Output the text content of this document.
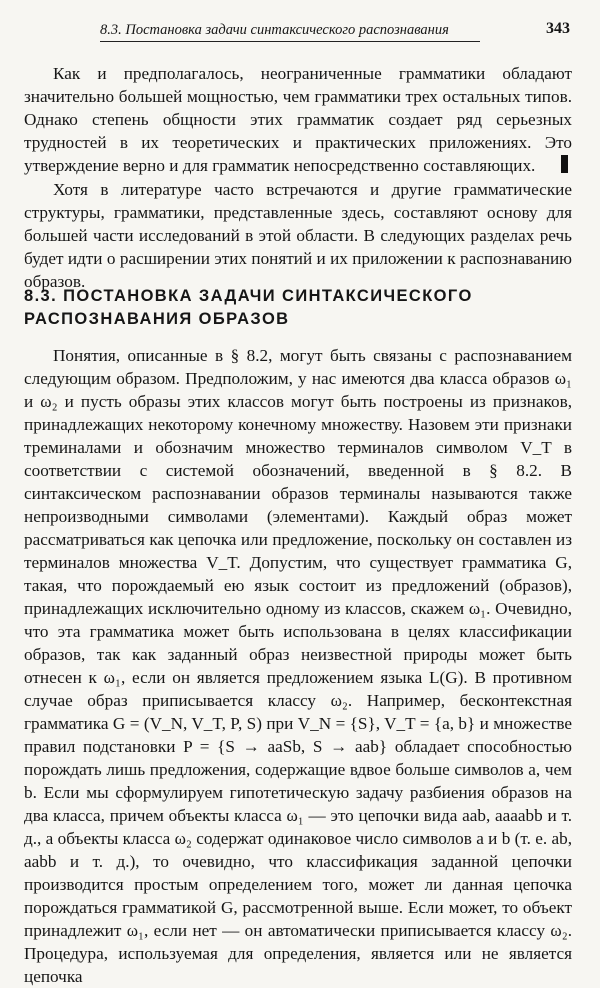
8.3. Постановка задачи синтаксического распознавания	343

Как и предполагалось, неограниченные грамматики обладают значительно большей мощностью, чем грамматики трех остальных типов. Однако степень общности этих грамматик создает ряд серьезных трудностей в их теоретических и практических приложениях. Это утверждение верно и для грамматик непосредственно составляющих.

Хотя в литературе часто встречаются и другие грамматические структуры, грамматики, представленные здесь, составляют основу для большей части исследований в этой области. В следующих разделах речь будет идти о расширении этих понятий и их приложении к распознаванию образов.

8.3. ПОСТАНОВКА ЗАДАЧИ СИНТАКСИЧЕСКОГО
РАСПОЗНАВАНИЯ ОБРАЗОВ

Понятия, описанные в § 8.2, могут быть связаны с распознаванием следующим образом. Предположим, у нас имеются два класса образов ω₁ и ω₂ и пусть образы этих классов могут быть построены из признаков, принадлежащих некоторому конечному множеству. Назовем эти признаки треминалами и обозначим множество терминалов символом V_T в соответствии с системой обозначений, введенной в § 8.2. В синтаксическом распознавании образов терминалы называются также непроизводными символами (элементами). Каждый образ может рассматриваться как цепочка или предложение, поскольку он составлен из терминалов множества V_T. Допустим, что существует грамматика G, такая, что порождаемый ею язык состоит из предложений (образов), принадлежащих исключительно одному из классов, скажем ω₁. Очевидно, что эта грамматика может быть использована в целях классификации образов, так как заданный образ неизвестной природы может быть отнесен к ω₁, если он является предложением языка L(G). В противном случае образ приписывается классу ω₂. Например, бесконтекстная грамматика G = (V_N, V_T, P, S) при V_N = {S}, V_T = {a, b} и множестве правил подстановки P = {S → aaSb, S → aab} обладает способностью порождать лишь предложения, содержащие вдвое больше символов a, чем b. Если мы сформулируем гипотетическую задачу разбиения образов на два класса, причем объекты класса ω₁ — это цепочки вида aab, aaaabb и т. д., а объекты класса ω₂ содержат одинаковое число символов a и b (т. е. ab, aabb и т. д.), то очевидно, что классификация заданной цепочки производится простым определением того, может ли данная цепочка порождаться грамматикой G, рассмотренной выше. Если может, то объект принадлежит ω₁, если нет — он автоматически приписывается классу ω₂. Процедура, используемая для определения, является или не является цепочка
